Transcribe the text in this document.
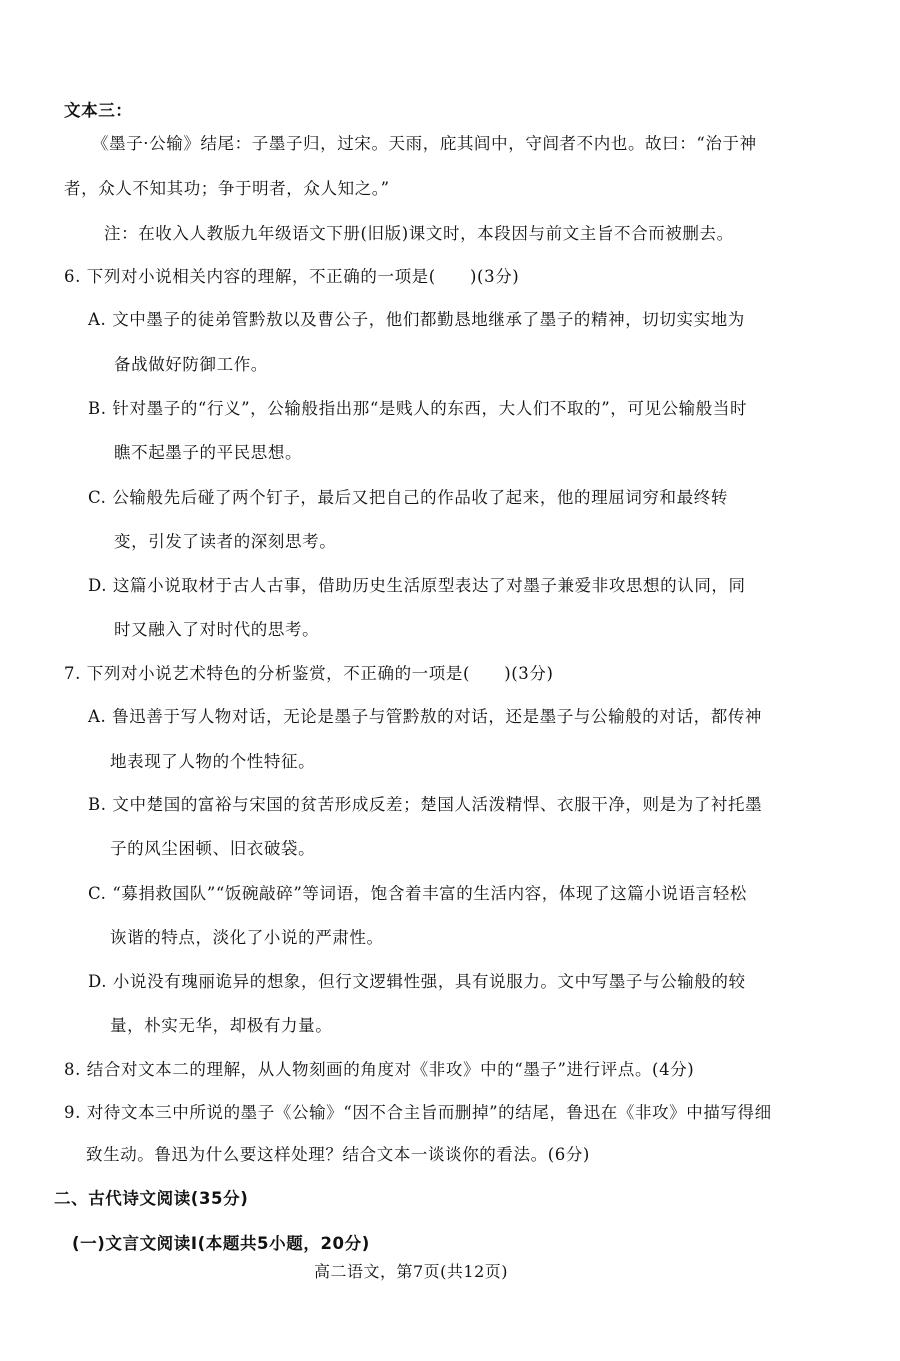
文本三：
《墨子·公输》结尾：子墨子归，过宋。天雨，庇其闾中，守闾者不内也。故曰：“治于神
者，众人不知其功；争于明者，众人知之。”
注：在收入人教版九年级语文下册(旧版)课文时，本段因与前文主旨不合而被删去。
6. 下列对小说相关内容的理解，不正确的一项是(　　)(3分)
A. 文中墨子的徒弟管黔敖以及曹公子，他们都勤恳地继承了墨子的精神，切切实实地为
备战做好防御工作。
B. 针对墨子的“行义”，公输般指出那“是贱人的东西，大人们不取的”，可见公输般当时
瞧不起墨子的平民思想。
C. 公输般先后碰了两个钉子，最后又把自己的作品收了起来，他的理屈词穷和最终转
变，引发了读者的深刻思考。
D. 这篇小说取材于古人古事，借助历史生活原型表达了对墨子兼爱非攻思想的认同，同
时又融入了对时代的思考。
7. 下列对小说艺术特色的分析鉴赏，不正确的一项是(　　)(3分)
A. 鲁迅善于写人物对话，无论是墨子与管黔敖的对话，还是墨子与公输般的对话，都传神
地表现了人物的个性特征。
B. 文中楚国的富裕与宋国的贫苦形成反差；楚国人活泼精悍、衣服干净，则是为了衬托墨
子的风尘困顿、旧衣破袋。
C. “募捐救国队”“饭碗敲碎”等词语，饱含着丰富的生活内容，体现了这篇小说语言轻松
诙谐的特点，淡化了小说的严肃性。
D. 小说没有瑰丽诡异的想象，但行文逻辑性强，具有说服力。文中写墨子与公输般的较
量，朴实无华，却极有力量。
8. 结合对文本二的理解，从人物刻画的角度对《非攻》中的“墨子”进行评点。(4分)
9. 对待文本三中所说的墨子《公输》“因不合主旨而删掉”的结尾，鲁迅在《非攻》中描写得细
致生动。鲁迅为什么要这样处理？结合文本一谈谈你的看法。(6分)
二、古代诗文阅读(35分)
(一)文言文阅读Ⅰ(本题共5小题，20分)
高二语文，第7页(共12页)
